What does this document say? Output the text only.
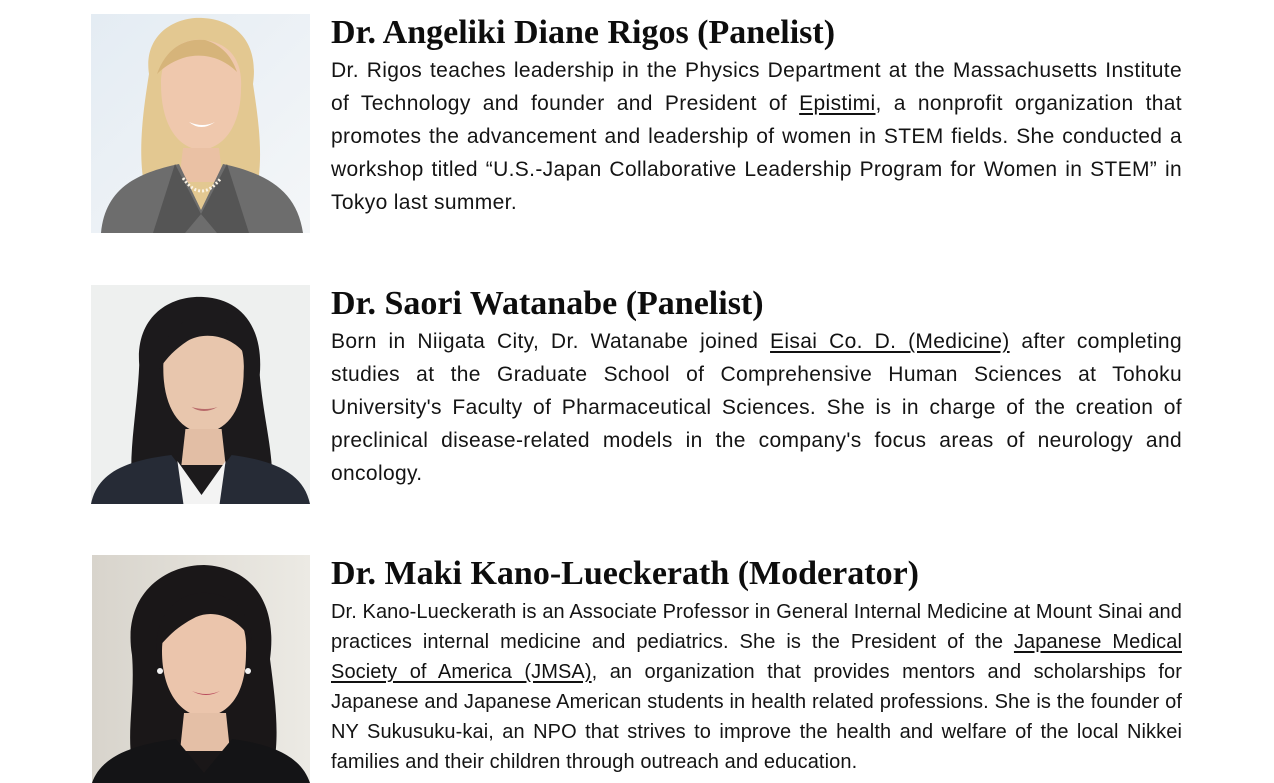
Dr. Angeliki Diane Rigos (Panelist)

Dr. Rigos teaches leadership in the Physics Department at the Massachusetts Institute of Technology and founder and President of Epistimi, a nonprofit organization that promotes the advancement and leadership of women in STEM fields. She conducted a workshop titled “U.S.-Japan Collaborative Leadership Program for Women in STEM” in Tokyo last summer.

Dr. Saori Watanabe (Panelist)

Born in Niigata City, Dr. Watanabe joined Eisai Co. D. (Medicine) after completing studies at the Graduate School of Comprehensive Human Sciences at Tohoku University's Faculty of Pharmaceutical Sciences. She is in charge of the creation of preclinical disease-related models in the company's focus areas of neurology and oncology.

Dr. Maki Kano-Lueckerath (Moderator)

Dr. Kano-Lueckerath is an Associate Professor in General Internal Medicine at Mount Sinai and practices internal medicine and pediatrics. She is the President of the Japanese Medical Society of America (JMSA), an organization that provides mentors and scholarships for Japanese and Japanese American students in health related professions. She is the founder of NY Sukusuku-kai, an NPO that strives to improve the health and welfare of the local Nikkei families and their children through outreach and education.
